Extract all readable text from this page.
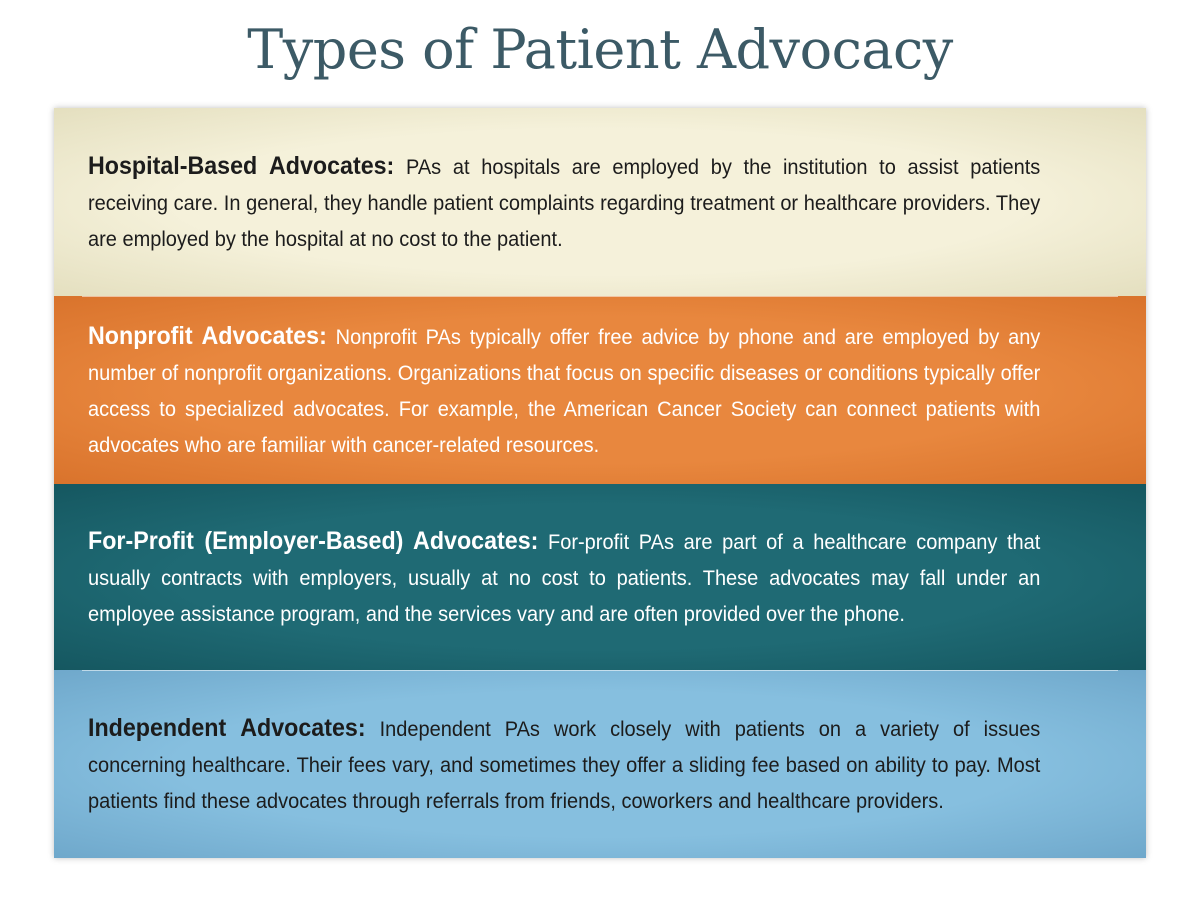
Types of Patient Advocacy

Hospital-Based Advocates: PAs at hospitals are employed by the institution to assist patients receiving care. In general, they handle patient complaints regarding treatment or healthcare providers. They are employed by the hospital at no cost to the patient.

Nonprofit Advocates: Nonprofit PAs typically offer free advice by phone and are employed by any number of nonprofit organizations. Organizations that focus on specific diseases or conditions typically offer access to specialized advocates. For example, the American Cancer Society can connect patients with advocates who are familiar with cancer-related resources.

For-Profit (Employer-Based) Advocates: For-profit PAs are part of a healthcare company that usually contracts with employers, usually at no cost to patients. These advocates may fall under an employee assistance program, and the services vary and are often provided over the phone.

Independent Advocates: Independent PAs work closely with patients on a variety of issues concerning healthcare. Their fees vary, and sometimes they offer a sliding fee based on ability to pay. Most patients find these advocates through referrals from friends, coworkers and healthcare providers.
